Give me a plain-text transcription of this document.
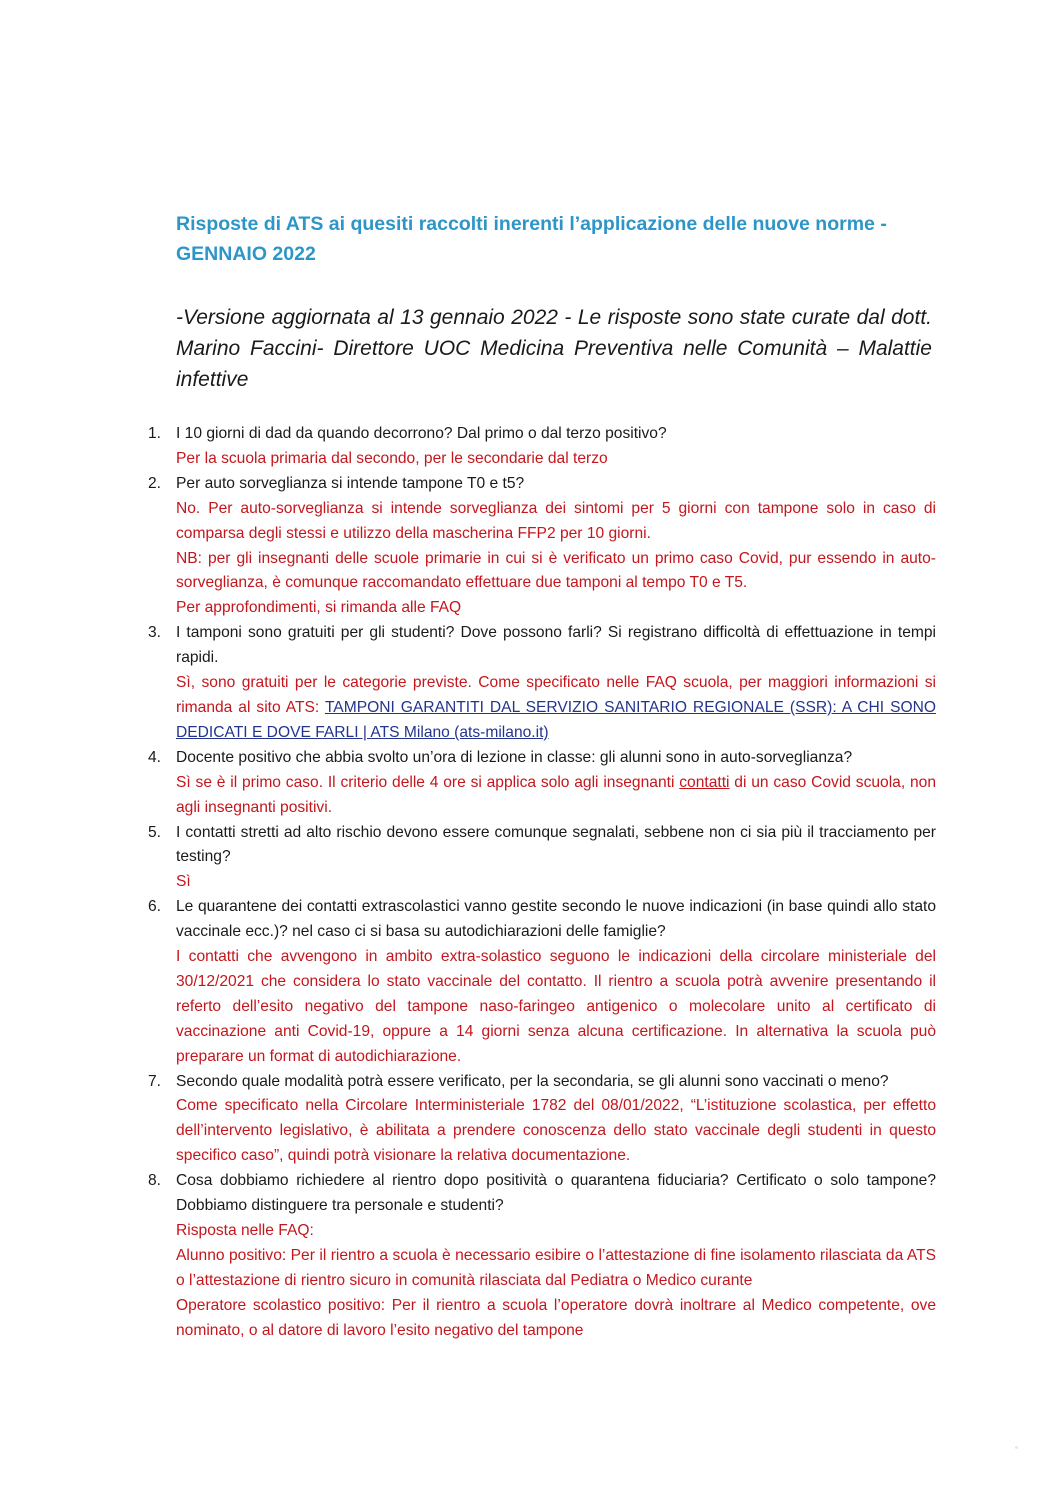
Risposte di ATS ai quesiti raccolti inerenti l’applicazione delle nuove norme - GENNAIO 2022

-Versione aggiornata al 13 gennaio 2022 - Le risposte sono state curate dal dott. Marino Faccini- Direttore UOC Medicina Preventiva nelle Comunità – Malattie infettive

1. I 10 giorni di dad da quando decorrono? Dal primo o dal terzo positivo?

Per la scuola primaria dal secondo, per le secondarie dal terzo

2. Per auto sorveglianza si intende tampone T0 e t5?

No. Per auto-sorveglianza si intende sorveglianza dei sintomi per 5 giorni con tampone solo in caso di comparsa degli stessi e utilizzo della mascherina FFP2 per 10 giorni.

NB: per gli insegnanti delle scuole primarie in cui si è verificato un primo caso Covid, pur essendo in auto-sorveglianza, è comunque raccomandato effettuare due tamponi al tempo T0 e T5.

Per approfondimenti, si rimanda alle FAQ

3. I tamponi sono gratuiti per gli studenti? Dove possono farli? Si registrano difficoltà di effettuazione in tempi rapidi.

Sì, sono gratuiti per le categorie previste. Come specificato nelle FAQ scuola, per maggiori informazioni si rimanda al sito ATS: TAMPONI GARANTITI DAL SERVIZIO SANITARIO REGIONALE (SSR): A CHI SONO DEDICATI E DOVE FARLI | ATS Milano (ats-milano.it)

4. Docente positivo che abbia svolto un’ora di lezione in classe: gli alunni sono in auto-sorveglianza?

Sì se è il primo caso. Il criterio delle 4 ore si applica solo agli insegnanti contatti di un caso Covid scuola, non agli insegnanti positivi.

5. I contatti stretti ad alto rischio devono essere comunque segnalati, sebbene non ci sia più il tracciamento per testing?

Sì

6. Le quarantene dei contatti extrascolastici vanno gestite secondo le nuove indicazioni (in base quindi allo stato vaccinale ecc.)? nel caso ci si basa su autodichiarazioni delle famiglie?

I contatti che avvengono in ambito extra-solastico seguono le indicazioni della circolare ministeriale del 30/12/2021 che considera lo stato vaccinale del contatto. Il rientro a scuola potrà avvenire presentando il referto dell’esito negativo del tampone naso-faringeo antigenico o molecolare unito al certificato di vaccinazione anti Covid-19, oppure a 14 giorni senza alcuna certificazione. In alternativa la scuola può preparare un format di autodichiarazione.

7. Secondo quale modalità potrà essere verificato, per la secondaria, se gli alunni sono vaccinati o meno?

Come specificato nella Circolare Interministeriale 1782 del 08/01/2022, “L’istituzione scolastica, per effetto dell’intervento legislativo, è abilitata a prendere conoscenza dello stato vaccinale degli studenti in questo specifico caso”, quindi potrà visionare la relativa documentazione.

8. Cosa dobbiamo richiedere al rientro dopo positività o quarantena fiduciaria? Certificato o solo tampone? Dobbiamo distinguere tra personale e studenti?

Risposta nelle FAQ:

Alunno positivo: Per il rientro a scuola è necessario esibire o l’attestazione di fine isolamento rilasciata da ATS o l’attestazione di rientro sicuro in comunità rilasciata dal Pediatra o Medico curante

Operatore scolastico positivo: Per il rientro a scuola l’operatore dovrà inoltrare al Medico competente, ove nominato, o al datore di lavoro l’esito negativo del tampone
